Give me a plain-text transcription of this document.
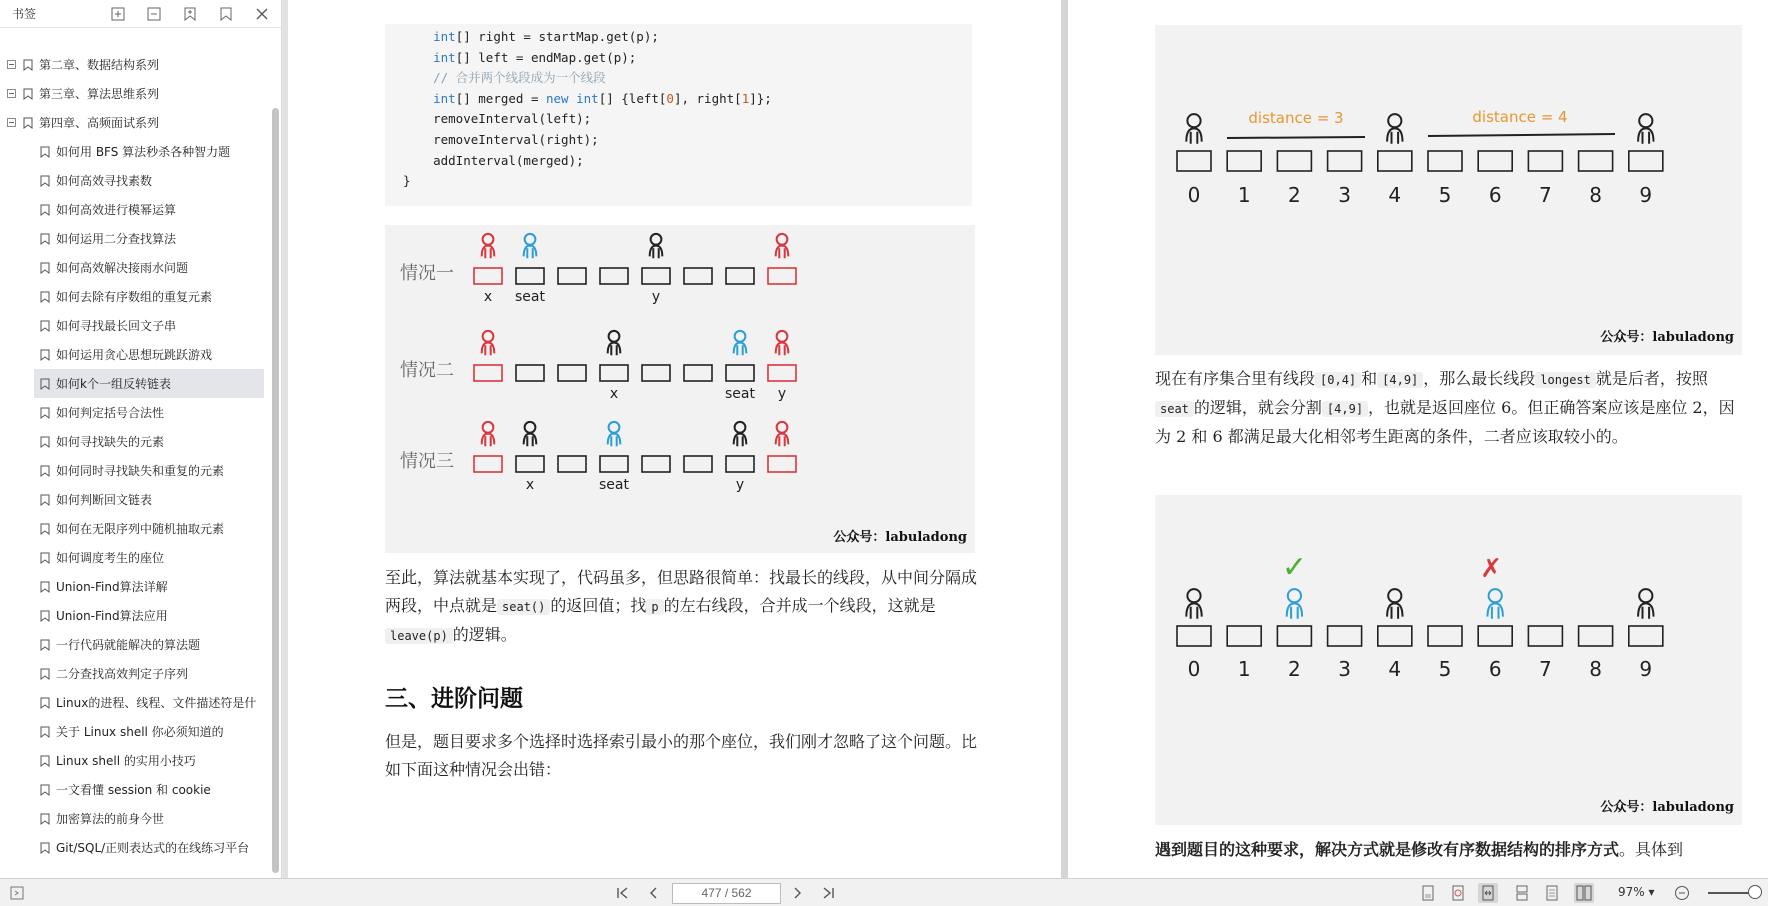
书签
第二章、数据结构系列
第三章、算法思维系列
第四章、高频面试系列
如何用 BFS 算法秒杀各种智力题
如何高效寻找素数
如何高效进行模幂运算
如何运用二分查找算法
如何高效解决接雨水问题
如何去除有序数组的重复元素
如何寻找最长回文子串
如何运用贪心思想玩跳跃游戏
如何k个一组反转链表
如何判定括号合法性
如何寻找缺失的元素
如何同时寻找缺失和重复的元素
如何判断回文链表
如何在无限序列中随机抽取元素
如何调度考生的座位
Union-Find算法详解
Union-Find算法应用
一行代码就能解决的算法题
二分查找高效判定子序列
Linux的进程、线程、文件描述符是什
关于 Linux shell 你必须知道的
Linux shell 的实用小技巧
一文看懂 session 和 cookie
加密算法的前身今世
Git/SQL/正则表达式的在线练习平台
int[] right = startMap.get(p);
int[] left = endMap.get(p);
// 合并两个线段成为一个线段
int[] merged = new int[] {left[0], right[1]};
removeInterval(left);
removeInterval(right);
addInterval(merged);
}
情况一
x seat	y
情况二
x	seat y
情况三
x	seat	y
公众号：labuladong
至此，算法就基本实现了，代码虽多，但思路很简单：找最长的线段，从中间分隔成两段，中点就是 seat() 的返回值；找 p 的左右线段，合并成一个线段，这就是leave(p) 的逻辑。
三、进阶问题
但是，题目要求多个选择时选择索引最小的那个座位，我们刚才忽略了这个问题。比如下面这种情况会出错：
0 1 2 3 4 5 6 7 8 9
distance = 3	distance = 4
公众号：labuladong
现在有序集合里有线段 [0,4] 和 [4,9] ，那么最长线段 longest 就是后者，按照seat 的逻辑，就会分割 [4,9] ，也就是返回座位 6。但正确答案应该是座位 2，因为 2 和 6 都满足最大化相邻考生距离的条件，二者应该取较小的。
0 1 2 3 4 5 6 7 8 9
✓	✗
公众号：labuladong
遇到题目的这种要求，解决方式就是修改有序数据结构的排序方式。具体到
477 / 562	97% ▾
